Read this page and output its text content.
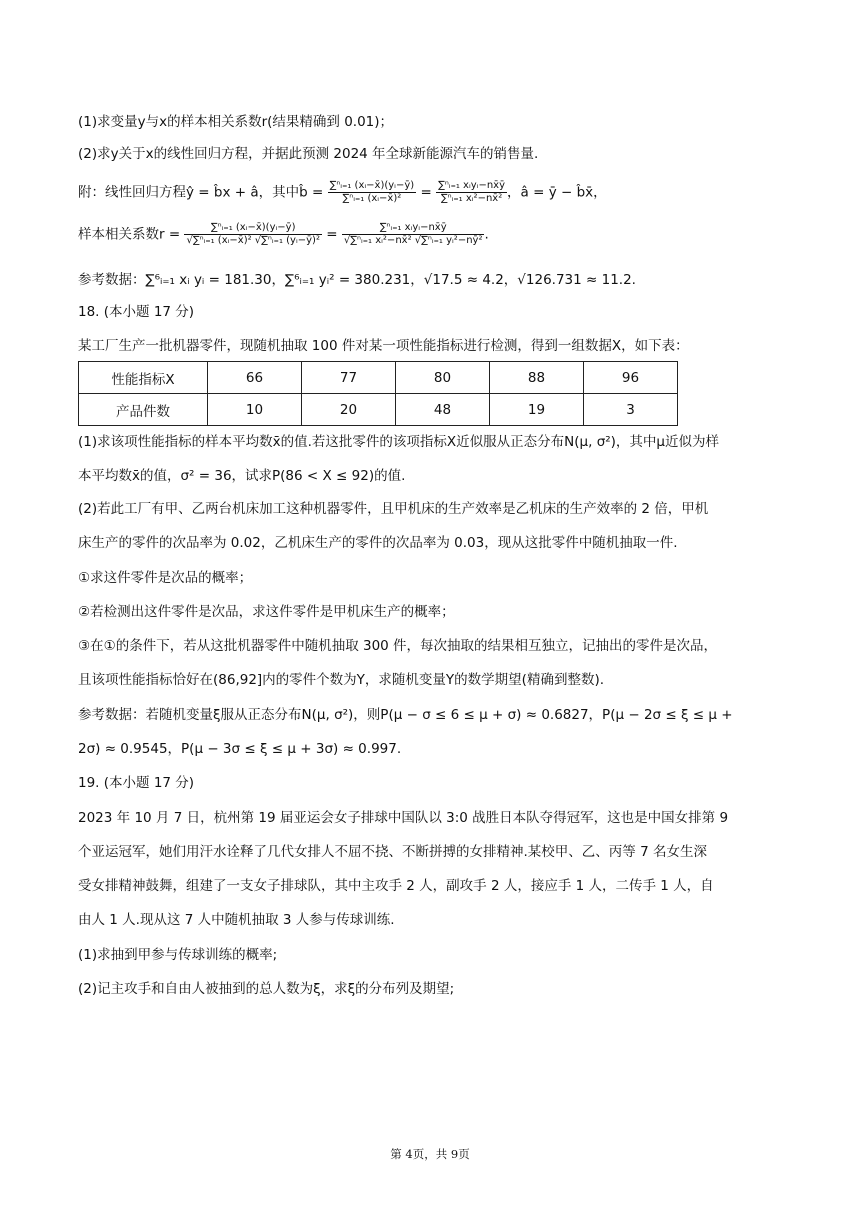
(1)求变量y与x的样本相关系数r(结果精确到 0.01)；
(2)求y关于x的线性回归方程，并据此预测 2024 年全球新能源汽车的销售量.
附：线性回归方程ŷ = b̂x + â，其中b̂ = $\frac{\text{∑ⁿᵢ₌₁ (xᵢ−x̄)(yᵢ−ȳ)}}{\text{∑ⁿᵢ₌₁ (xᵢ−x̄)²}} = \frac{\text{∑ⁿᵢ₌₁ xᵢyᵢ−nx̄ȳ}}{\text{∑ⁿᵢ₌₁ xᵢ²−nx̄²}}$ ，â = ȳ − b̂x̄，
样本相关系数$r = \frac{\text{∑ⁿᵢ₌₁ (xᵢ−x̄)(yᵢ−ȳ)}}{\text{√∑ⁿᵢ₌₁ (xᵢ−x̄)² √∑ⁿᵢ₌₁ (yᵢ−ȳ)²}} = \frac{\text{∑ⁿᵢ₌₁ xᵢyᵢ−nx̄ȳ}}{\text{√∑ⁿᵢ₌₁ xᵢ²−nx̄² √∑ⁿᵢ₌₁ yᵢ²−nȳ²}}$ .
参考数据：∑⁶ᵢ₌₁ xᵢ yᵢ = 181.30，∑⁶ᵢ₌₁ yᵢ² = 380.231，√17.5 ≈ 4.2，√126.731 ≈ 11.2.
18. (本小题 17 分)
某工厂生产一批机器零件，现随机抽取 100 件对某一项性能指标进行检测，得到一组数据X，如下表：
性能指标X	66	77	80	88	96
产品件数	10	20	48	19	3
(1)求该项性能指标的样本平均数x̄的值.若这批零件的该项指标X近似服从正态分布N(μ, σ²)，其中μ近似为样
本平均数x̄的值，σ² = 36，试求P(86 < X ≤ 92)的值.
(2)若此工厂有甲、乙两台机床加工这种机器零件，且甲机床的生产效率是乙机床的生产效率的 2 倍，甲机
床生产的零件的次品率为 0.02，乙机床生产的零件的次品率为 0.03，现从这批零件中随机抽取一件.
①求这件零件是次品的概率；
②若检测出这件零件是次品，求这件零件是甲机床生产的概率；
③在①的条件下，若从这批机器零件中随机抽取 300 件，每次抽取的结果相互独立，记抽出的零件是次品，
且该项性能指标恰好在(86,92]内的零件个数为Y，求随机变量Y的数学期望(精确到整数).
参考数据：若随机变量ξ服从正态分布N(μ, σ²)，则P(μ − σ ≤ 6 ≤ μ + σ) ≈ 0.6827，P(μ − 2σ ≤ ξ ≤ μ +
2σ) ≈ 0.9545，P(μ − 3σ ≤ ξ ≤ μ + 3σ) ≈ 0.997.
19. (本小题 17 分)
2023 年 10 月 7 日，杭州第 19 届亚运会女子排球中国队以 3:0 战胜日本队夺得冠军，这也是中国女排第 9
个亚运冠军，她们用汗水诠释了几代女排人不屈不挠、不断拼搏的女排精神.某校甲、乙、丙等 7 名女生深
受女排精神鼓舞，组建了一支女子排球队，其中主攻手 2 人，副攻手 2 人，接应手 1 人，二传手 1 人，自
由人 1 人.现从这 7 人中随机抽取 3 人参与传球训练.
(1)求抽到甲参与传球训练的概率;
(2)记主攻手和自由人被抽到的总人数为ξ，求ξ的分布列及期望;
第 4页，共 9页
